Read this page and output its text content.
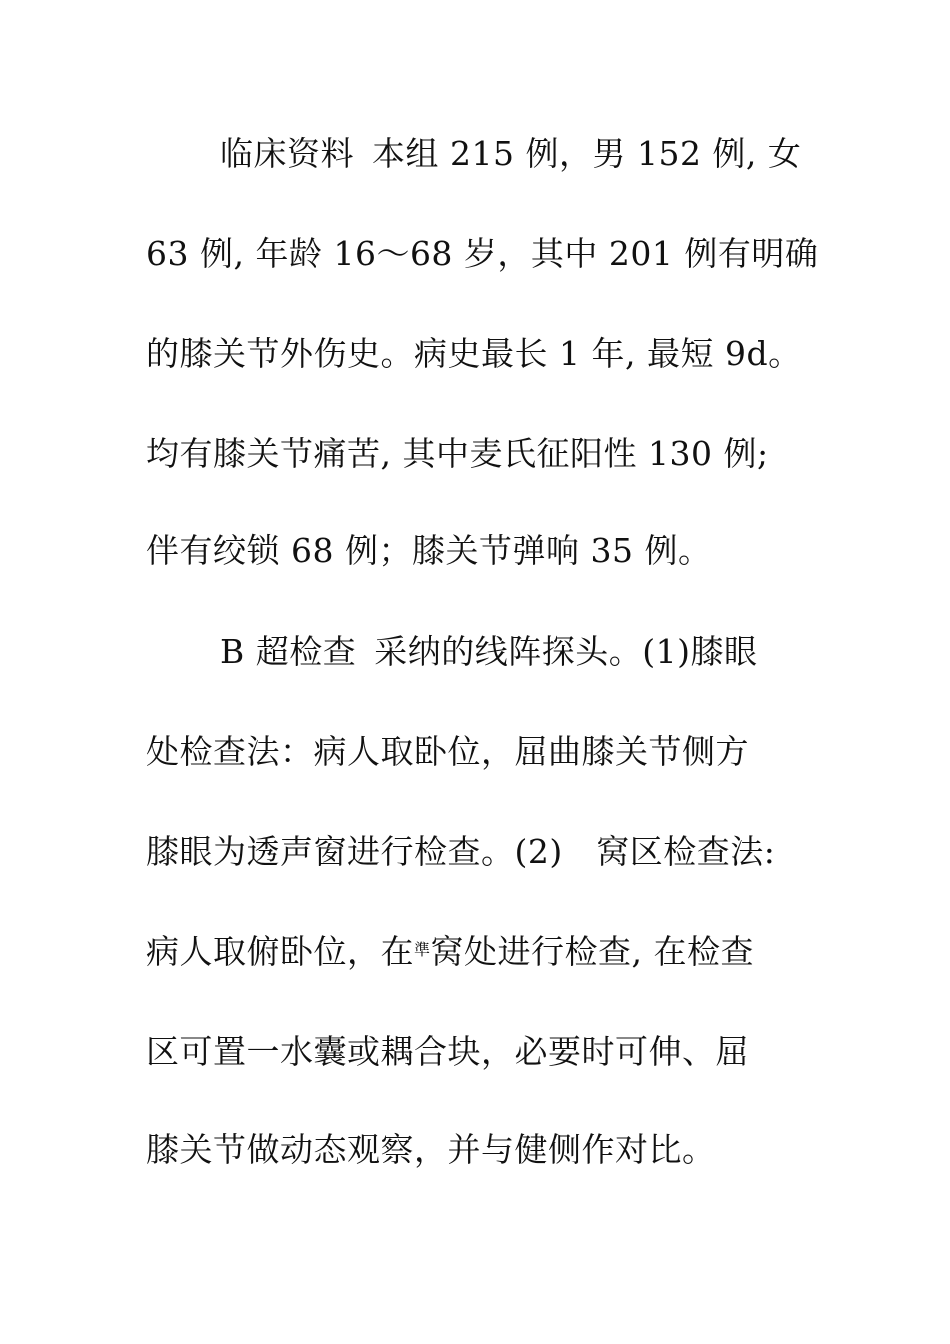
临床资料 本组 215 例，男 152 例, 女
63 例, 年龄 16～68 岁，其中 201 例有明确
的膝关节外伤史。病史最长 1 年, 最短 9d。
均有膝关节痛苦, 其中麦氏征阳性 130 例;
伴有绞锁 68 例；膝关节弹响 35 例。
B 超检查 采纳的线阵探头。(1)膝眼
处检查法：病人取卧位，屈曲膝关节侧方
膝眼为透声窗进行检查。(2)　窝区检查法:
病人取俯卧位，在準窝处进行检查, 在检查
区可置一水囊或耦合块，必要时可伸、屈
膝关节做动态观察，并与健侧作对比。
